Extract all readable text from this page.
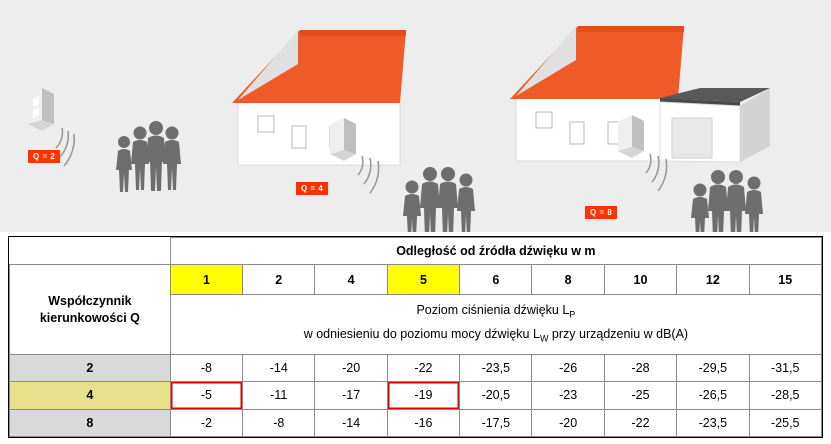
Q = 2
Q = 4
Q = 8
	Odległość od źródła dźwięku w m								

Współczynnik
kierunkowości Q	1	2	4	5	6	8	10	12	15

	Poziom ciśnienia dźwięku $L_P$
w odniesieniu do poziomu mocy dźwięku $L_W$ przy urządzeniu w dB(A)								

2	-8	-14	-20	-22	-23,5	-26	-28	-29,5	-31,5
4	-5	-11	-17	-19	-20,5	-23	-25	-26,5	-28,5
8	-2	-8	-14	-16	-17,5	-20	-22	-23,5	-25,5
